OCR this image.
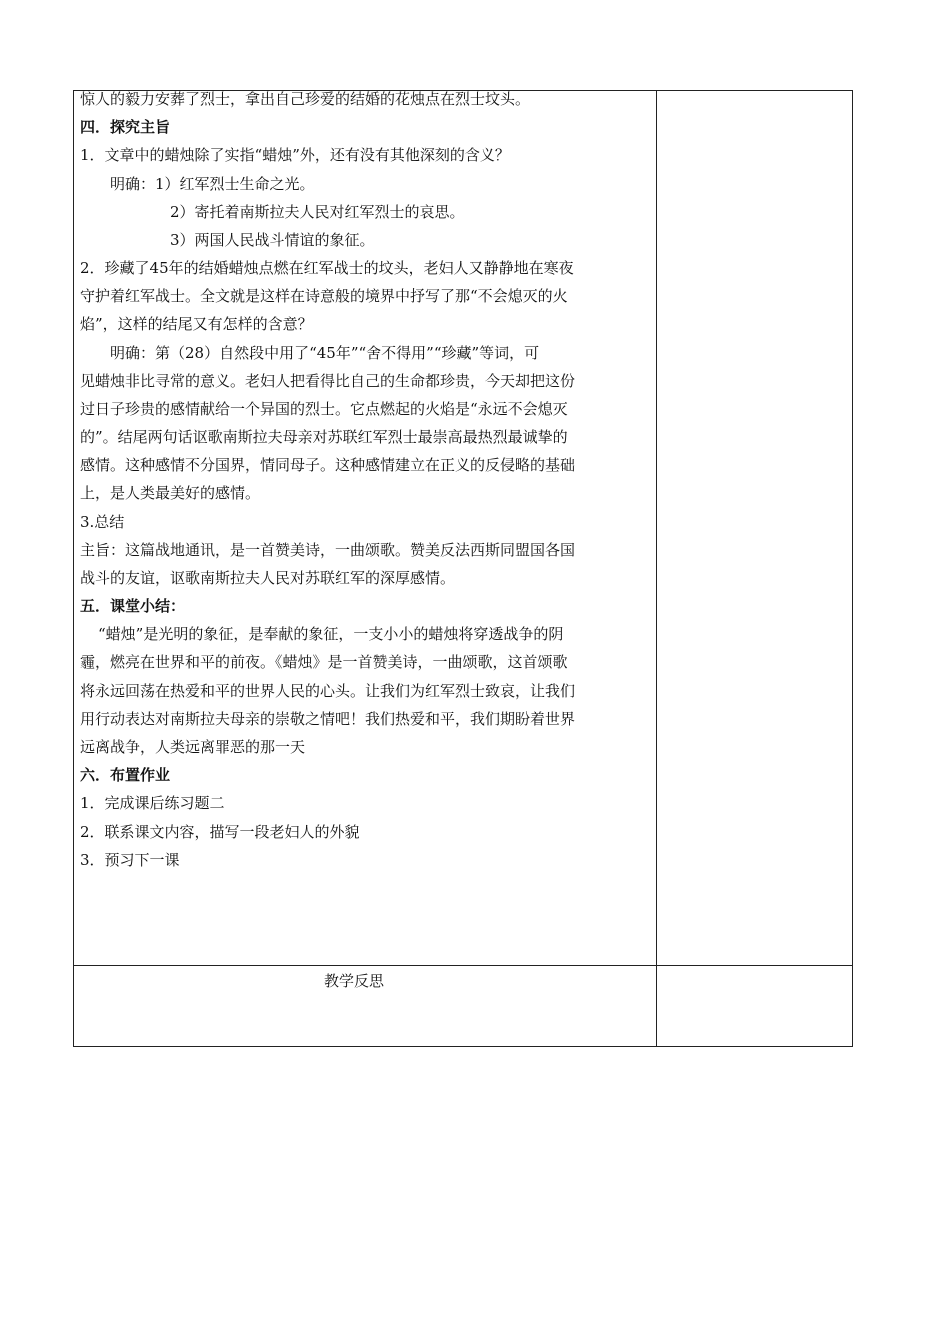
惊人的毅力安葬了烈士，拿出自己珍爱的结婚的花烛点在烈士坟头。
四．探究主旨
1．文章中的蜡烛除了实指“蜡烛”外，还有没有其他深刻的含义？
明确：1）红军烈士生命之光。
2）寄托着南斯拉夫人民对红军烈士的哀思。
3）两国人民战斗情谊的象征。
2．珍藏了45年的结婚蜡烛点燃在红军战士的坟头，老妇人又静静地在寒夜
守护着红军战士。全文就是这样在诗意般的境界中抒写了那“不会熄灭的火
焰”，这样的结尾又有怎样的含意？
明确：第（28）自然段中用了“45年”“舍不得用”“珍藏”等词，可
见蜡烛非比寻常的意义。老妇人把看得比自己的生命都珍贵，今天却把这份
过日子珍贵的感情献给一个异国的烈士。它点燃起的火焰是“永远不会熄灭
的”。结尾两句话讴歌南斯拉夫母亲对苏联红军烈士最崇高最热烈最诚挚的
感情。这种感情不分国界，情同母子。这种感情建立在正义的反侵略的基础
上，是人类最美好的感情。
3.总结
主旨：这篇战地通讯，是一首赞美诗，一曲颂歌。赞美反法西斯同盟国各国
战斗的友谊，讴歌南斯拉夫人民对苏联红军的深厚感情。
五．课堂小结：
“蜡烛”是光明的象征，是奉献的象征，一支小小的蜡烛将穿透战争的阴
霾，燃亮在世界和平的前夜。《蜡烛》是一首赞美诗，一曲颂歌，这首颂歌
将永远回荡在热爱和平的世界人民的心头。让我们为红军烈士致哀，让我们
用行动表达对南斯拉夫母亲的崇敬之情吧！我们热爱和平，我们期盼着世界
远离战争，人类远离罪恶的那一天
六．布置作业
1．完成课后练习题二
2．联系课文内容，描写一段老妇人的外貌
3．预习下一课
教学反思
